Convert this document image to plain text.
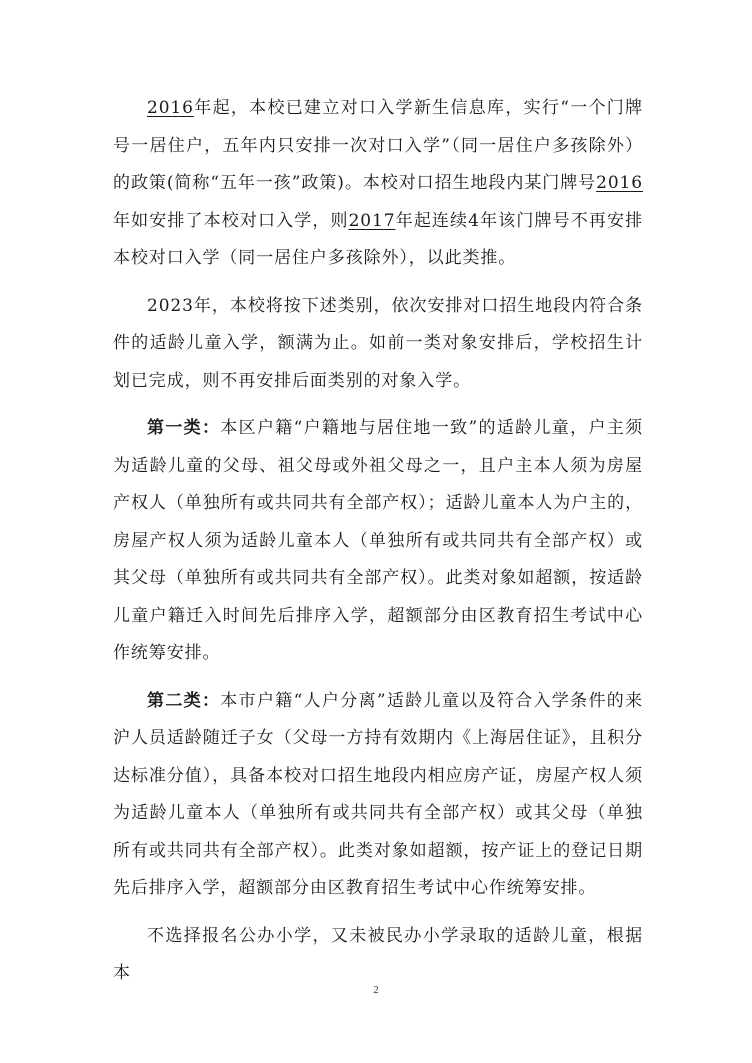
2016年起，本校已建立对口入学新生信息库，实行“一个门牌号一居住户，五年内只安排一次对口入学”（同一居住户多孩除外）的政策(简称“五年一孩”政策)。本校对口招生地段内某门牌号2016年如安排了本校对口入学，则2017年起连续4年该门牌号不再安排本校对口入学（同一居住户多孩除外），以此类推。

2023年，本校将按下述类别，依次安排对口招生地段内符合条件的适龄儿童入学，额满为止。如前一类对象安排后，学校招生计划已完成，则不再安排后面类别的对象入学。

第一类：本区户籍“户籍地与居住地一致”的适龄儿童，户主须为适龄儿童的父母、祖父母或外祖父母之一，且户主本人须为房屋产权人（单独所有或共同共有全部产权）；适龄儿童本人为户主的，房屋产权人须为适龄儿童本人（单独所有或共同共有全部产权）或其父母（单独所有或共同共有全部产权）。此类对象如超额，按适龄儿童户籍迁入时间先后排序入学，超额部分由区教育招生考试中心作统筹安排。

第二类：本市户籍“人户分离”适龄儿童以及符合入学条件的来沪人员适龄随迁子女（父母一方持有效期内《上海居住证》，且积分达标准分值），具备本校对口招生地段内相应房产证，房屋产权人须为适龄儿童本人（单独所有或共同共有全部产权）或其父母（单独所有或共同共有全部产权）。此类对象如超额，按产证上的登记日期先后排序入学，超额部分由区教育招生考试中心作统筹安排。

不选择报名公办小学，又未被民办小学录取的适龄儿童，根据本

2
